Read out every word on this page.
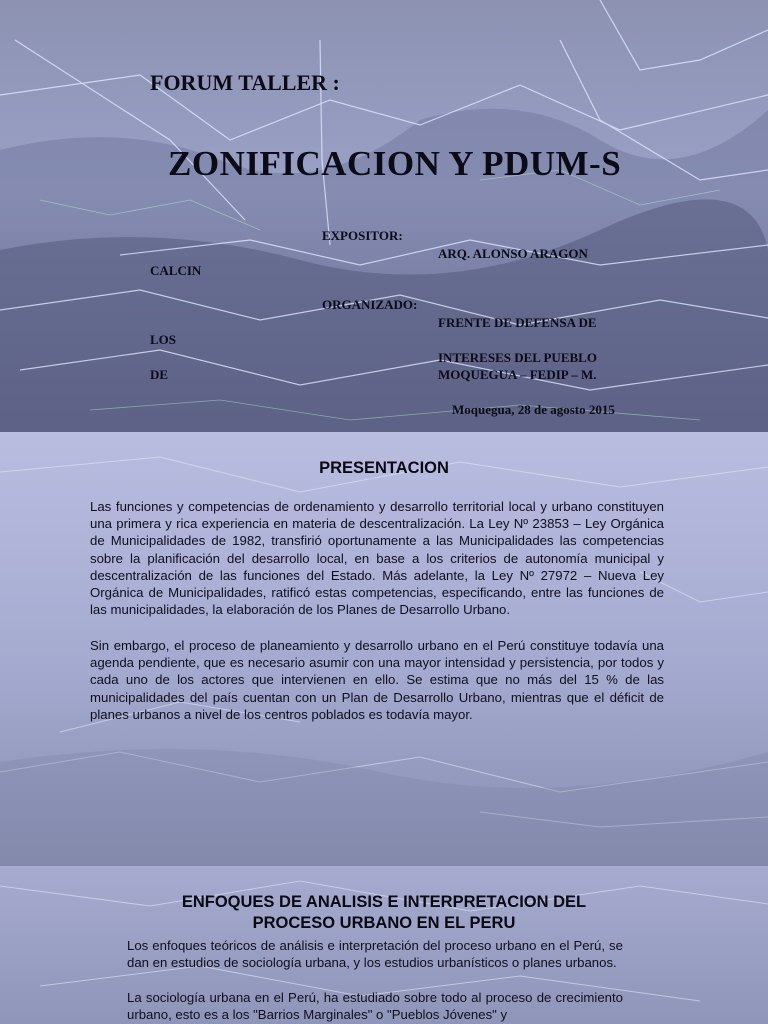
FORUM TALLER :
ZONIFICACION Y PDUM-S
EXPOSITOR:
ARQ. ALONSO ARAGON
CALCIN
ORGANIZADO:
FRENTE DE DEFENSA DE
LOS
INTERESES DEL PUEBLO
DE	MOQUEGUA – FEDIP – M.
Moquegua, 28 de agosto 2015
PRESENTACION

Las funciones y competencias de ordenamiento y desarrollo territorial local y urbano constituyen una primera y rica experiencia en materia de descentralización. La Ley Nº 23853 – Ley Orgánica de Municipalidades de 1982, transfirió oportunamente a las Municipalidades las competencias sobre la planificación del desarrollo local, en base a los criterios de autonomía municipal y descentralización de las funciones del Estado. Más adelante, la Ley Nº 27972 – Nueva Ley Orgánica de Municipalidades, ratificó estas competencias, especificando, entre las funciones de las municipalidades, la elaboración de los Planes de Desarrollo Urbano.

Sin embargo, el proceso de planeamiento y desarrollo urbano en el Perú constituye todavía una agenda pendiente, que es necesario asumir con una mayor intensidad y persistencia, por todos y cada uno de los actores que intervienen en ello. Se estima que no más del 15 % de las municipalidades del país cuentan con un Plan de Desarrollo Urbano, mientras que el déficit de planes urbanos a nivel de los centros poblados es todavía mayor.

ENFOQUES DE ANALISIS E INTERPRETACION DEL
PROCESO URBANO EN EL PERU

Los enfoques teóricos de análisis e interpretación del proceso urbano en el Perú, se dan en estudios de sociología urbana, y los estudios urbanísticos o planes urbanos.

La sociología urbana en el Perú, ha estudiado sobre todo al proceso de crecimiento urbano, esto es a los "Barrios Marginales" o "Pueblos Jóvenes" y
